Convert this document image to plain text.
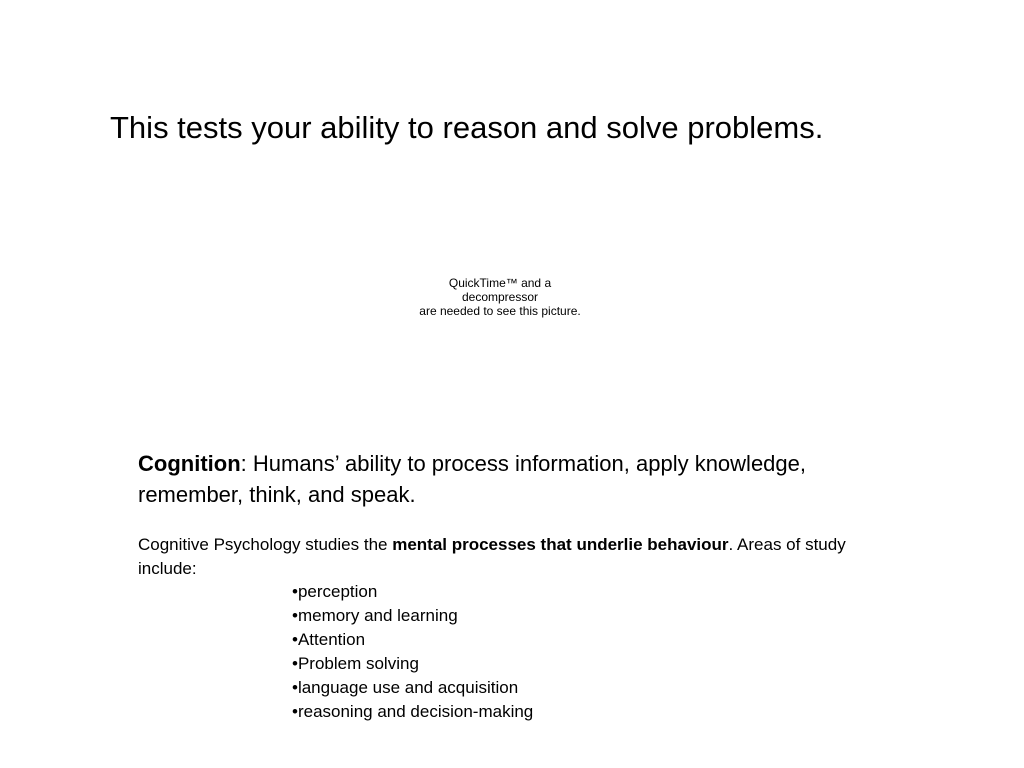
This tests your ability to reason and solve problems.
QuickTime™ and a
decompressor
are needed to see this picture.
Cognition: Humans’ ability to process information, apply knowledge, remember, think, and speak.
Cognitive Psychology studies the mental processes that underlie behaviour. Areas of study include:
•perception
•memory and learning
•Attention
•Problem solving
•language use and acquisition
•reasoning and decision-making
